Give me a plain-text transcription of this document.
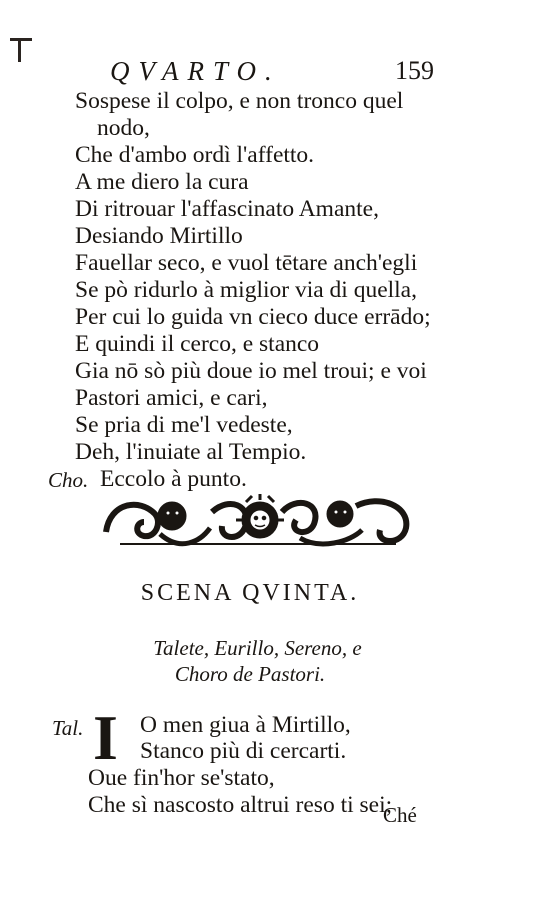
QVARTO.	159
Sospese il colpo, e non tronco quel
nodo,
Che d'ambo ordì l'affetto.
A me diero la cura
Di ritrouar l'affascinato Amante,
Desiando Mirtillo
Fauellar seco, e vuol tētare anch'egli
Se pò ridurlo à miglior via di quella,
Per cui lo guida vn cieco duce errādo;
E quindi il cerco, e stanco
Gia nō sò più doue io mel troui; e voi
Pastori amici, e cari,
Se pria di me'l vedeste,
Deh, l'inuiate al Tempio.
Cho. Eccolo à punto.
SCENA QVINTA.
Talete, Eurillo, Sereno, e
Choro de Pastori.
Tal. I O men giua à Mirtillo,
Stanco più di cercarti.
Oue fin'hor se'stato,
Che sì nascosto altrui reso ti sei;
Ché
